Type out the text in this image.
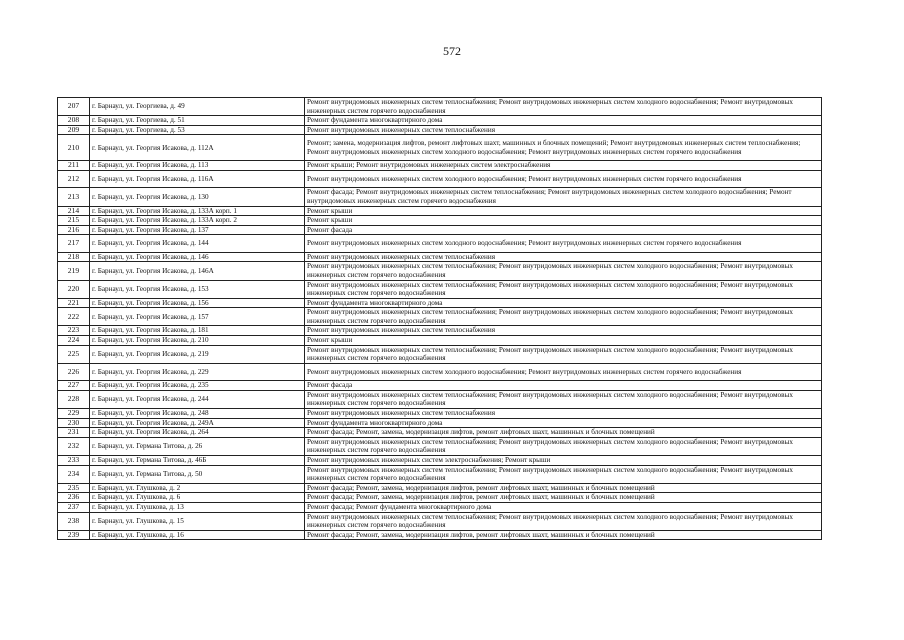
572
207	г. Барнаул, ул. Георгиева, д. 49	Ремонт внутридомовых инженерных систем теплоснабжения; Ремонт внутридомовых инженерных систем холодного водоснабжения; Ремонт внутридомовых инженерных систем горячего водоснабжения
208	г. Барнаул, ул. Георгиева, д. 51	Ремонт фундамента многоквартирного дома
209	г. Барнаул, ул. Георгиева, д. 53	Ремонт внутридомовых инженерных систем теплоснабжения
210	г. Барнаул, ул. Георгия Исакова, д. 112А	Ремонт; замена, модернизация лифтов, ремонт лифтовых шахт, машинных и блочных помещений; Ремонт внутридомовых инженерных систем теплоснабжения; Ремонт внутридомовых инженерных систем холодного водоснабжения; Ремонт внутридомовых инженерных систем горячего водоснабжения
211	г. Барнаул, ул. Георгия Исакова, д. 113	Ремонт крыши; Ремонт внутридомовых инженерных систем электроснабжения
212	г. Барнаул, ул. Георгия Исакова, д. 116А	Ремонт внутридомовых инженерных систем холодного водоснабжения; Ремонт внутридомовых инженерных систем горячего водоснабжения
213	г. Барнаул, ул. Георгия Исакова, д. 130	Ремонт фасада; Ремонт внутридомовых инженерных систем теплоснабжения; Ремонт внутридомовых инженерных систем холодного водоснабжения; Ремонт внутридомовых инженерных систем горячего водоснабжения
214	г. Барнаул, ул. Георгия Исакова, д. 133А корп. 1	Ремонт крыши
215	г. Барнаул, ул. Георгия Исакова, д. 133А корп. 2	Ремонт крыши
216	г. Барнаул, ул. Георгия Исакова, д. 137	Ремонт фасада
217	г. Барнаул, ул. Георгия Исакова, д. 144	Ремонт внутридомовых инженерных систем холодного водоснабжения; Ремонт внутридомовых инженерных систем горячего водоснабжения
218	г. Барнаул, ул. Георгия Исакова, д. 146	Ремонт внутридомовых инженерных систем теплоснабжения
219	г. Барнаул, ул. Георгия Исакова, д. 146А	Ремонт внутридомовых инженерных систем теплоснабжения; Ремонт внутридомовых инженерных систем холодного водоснабжения; Ремонт внутридомовых инженерных систем горячего водоснабжения
220	г. Барнаул, ул. Георгия Исакова, д. 153	Ремонт внутридомовых инженерных систем теплоснабжения; Ремонт внутридомовых инженерных систем холодного водоснабжения; Ремонт внутридомовых инженерных систем горячего водоснабжения
221	г. Барнаул, ул. Георгия Исакова, д. 156	Ремонт фундамента многоквартирного дома
222	г. Барнаул, ул. Георгия Исакова, д. 157	Ремонт внутридомовых инженерных систем теплоснабжения; Ремонт внутридомовых инженерных систем холодного водоснабжения; Ремонт внутридомовых инженерных систем горячего водоснабжения
223	г. Барнаул, ул. Георгия Исакова, д. 181	Ремонт внутридомовых инженерных систем теплоснабжения
224	г. Барнаул, ул. Георгия Исакова, д. 210	Ремонт крыши
225	г. Барнаул, ул. Георгия Исакова, д. 219	Ремонт внутридомовых инженерных систем теплоснабжения; Ремонт внутридомовых инженерных систем холодного водоснабжения; Ремонт внутридомовых инженерных систем горячего водоснабжения
226	г. Барнаул, ул. Георгия Исакова, д. 229	Ремонт внутридомовых инженерных систем холодного водоснабжения; Ремонт внутридомовых инженерных систем горячего водоснабжения
227	г. Барнаул, ул. Георгия Исакова, д. 235	Ремонт фасада
228	г. Барнаул, ул. Георгия Исакова, д. 244	Ремонт внутридомовых инженерных систем теплоснабжения; Ремонт внутридомовых инженерных систем холодного водоснабжения; Ремонт внутридомовых инженерных систем горячего водоснабжения
229	г. Барнаул, ул. Георгия Исакова, д. 248	Ремонт внутридомовых инженерных систем теплоснабжения
230	г. Барнаул, ул. Георгия Исакова, д. 249А	Ремонт фундамента многоквартирного дома
231	г. Барнаул, ул. Георгия Исакова, д. 264	Ремонт фасада; Ремонт, замена, модернизация лифтов, ремонт лифтовых шахт, машинных и блочных помещений
232	г. Барнаул, ул. Германа Титова, д. 26	Ремонт внутридомовых инженерных систем теплоснабжения; Ремонт внутридомовых инженерных систем холодного водоснабжения; Ремонт внутридомовых инженерных систем горячего водоснабжения
233	г. Барнаул, ул. Германа Титова, д. 46Б	Ремонт внутридомовых инженерных систем электроснабжения; Ремонт крыши
234	г. Барнаул, ул. Германа Титова, д. 50	Ремонт внутридомовых инженерных систем теплоснабжения; Ремонт внутридомовых инженерных систем холодного водоснабжения; Ремонт внутридомовых инженерных систем горячего водоснабжения
235	г. Барнаул, ул. Глушкова, д. 2	Ремонт фасада; Ремонт, замена, модернизация лифтов, ремонт лифтовых шахт, машинных и блочных помещений
236	г. Барнаул, ул. Глушкова, д. 6	Ремонт фасада; Ремонт, замена, модернизация лифтов, ремонт лифтовых шахт, машинных и блочных помещений
237	г. Барнаул, ул. Глушкова, д. 13	Ремонт фасада; Ремонт фундамента многоквартирного дома
238	г. Барнаул, ул. Глушкова, д. 15	Ремонт внутридомовых инженерных систем теплоснабжения; Ремонт внутридомовых инженерных систем холодного водоснабжения; Ремонт внутридомовых инженерных систем горячего водоснабжения
239	г. Барнаул, ул. Глушкова, д. 16	Ремонт фасада; Ремонт, замена, модернизация лифтов, ремонт лифтовых шахт, машинных и блочных помещений
